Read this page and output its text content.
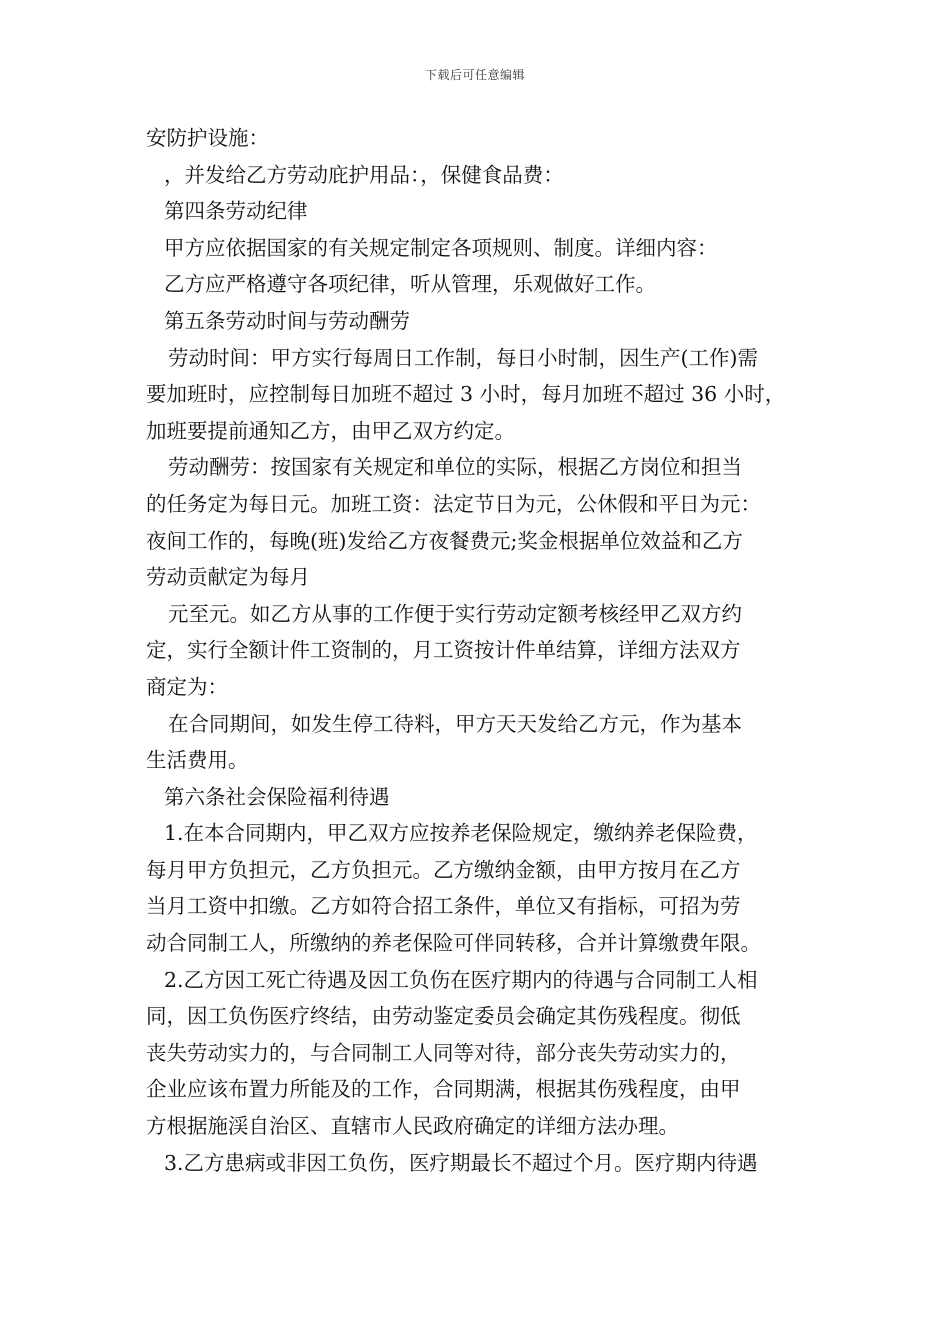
下载后可任意编辑

安防护设施：

，并发给乙方劳动庇护用品：，保健食品费：

第四条劳动纪律

甲方应依据国家的有关规定制定各项规则、制度。详细内容：

乙方应严格遵守各项纪律，听从管理，乐观做好工作。

第五条劳动时间与劳动酬劳

劳动时间：甲方实行每周日工作制，每日小时制，因生产(工作)需

要加班时，应控制每日加班不超过 3 小时，每月加班不超过 36 小时，

加班要提前通知乙方，由甲乙双方约定。

劳动酬劳：按国家有关规定和单位的实际，根据乙方岗位和担当

的任务定为每日元。加班工资：法定节日为元，公休假和平日为元：

夜间工作的，每晚(班)发给乙方夜餐费元;奖金根据单位效益和乙方

劳动贡献定为每月

元至元。如乙方从事的工作便于实行劳动定额考核经甲乙双方约

定，实行全额计件工资制的，月工资按计件单结算，详细方法双方

商定为：

在合同期间，如发生停工待料，甲方天天发给乙方元，作为基本

生活费用。

第六条社会保险福利待遇

1.在本合同期内，甲乙双方应按养老保险规定，缴纳养老保险费，

每月甲方负担元，乙方负担元。乙方缴纳金额，由甲方按月在乙方

当月工资中扣缴。乙方如符合招工条件，单位又有指标，可招为劳

动合同制工人，所缴纳的养老保险可伴同转移，合并计算缴费年限。

2.乙方因工死亡待遇及因工负伤在医疗期内的待遇与合同制工人相

同，因工负伤医疗终结，由劳动鉴定委员会确定其伤残程度。彻低

丧失劳动实力的，与合同制工人同等对待，部分丧失劳动实力的，

企业应该布置力所能及的工作，合同期满，根据其伤残程度，由甲

方根据施渓自治区、直辖市人民政府确定的详细方法办理。

3.乙方患病或非因工负伤，医疗期最长不超过个月。医疗期内待遇
